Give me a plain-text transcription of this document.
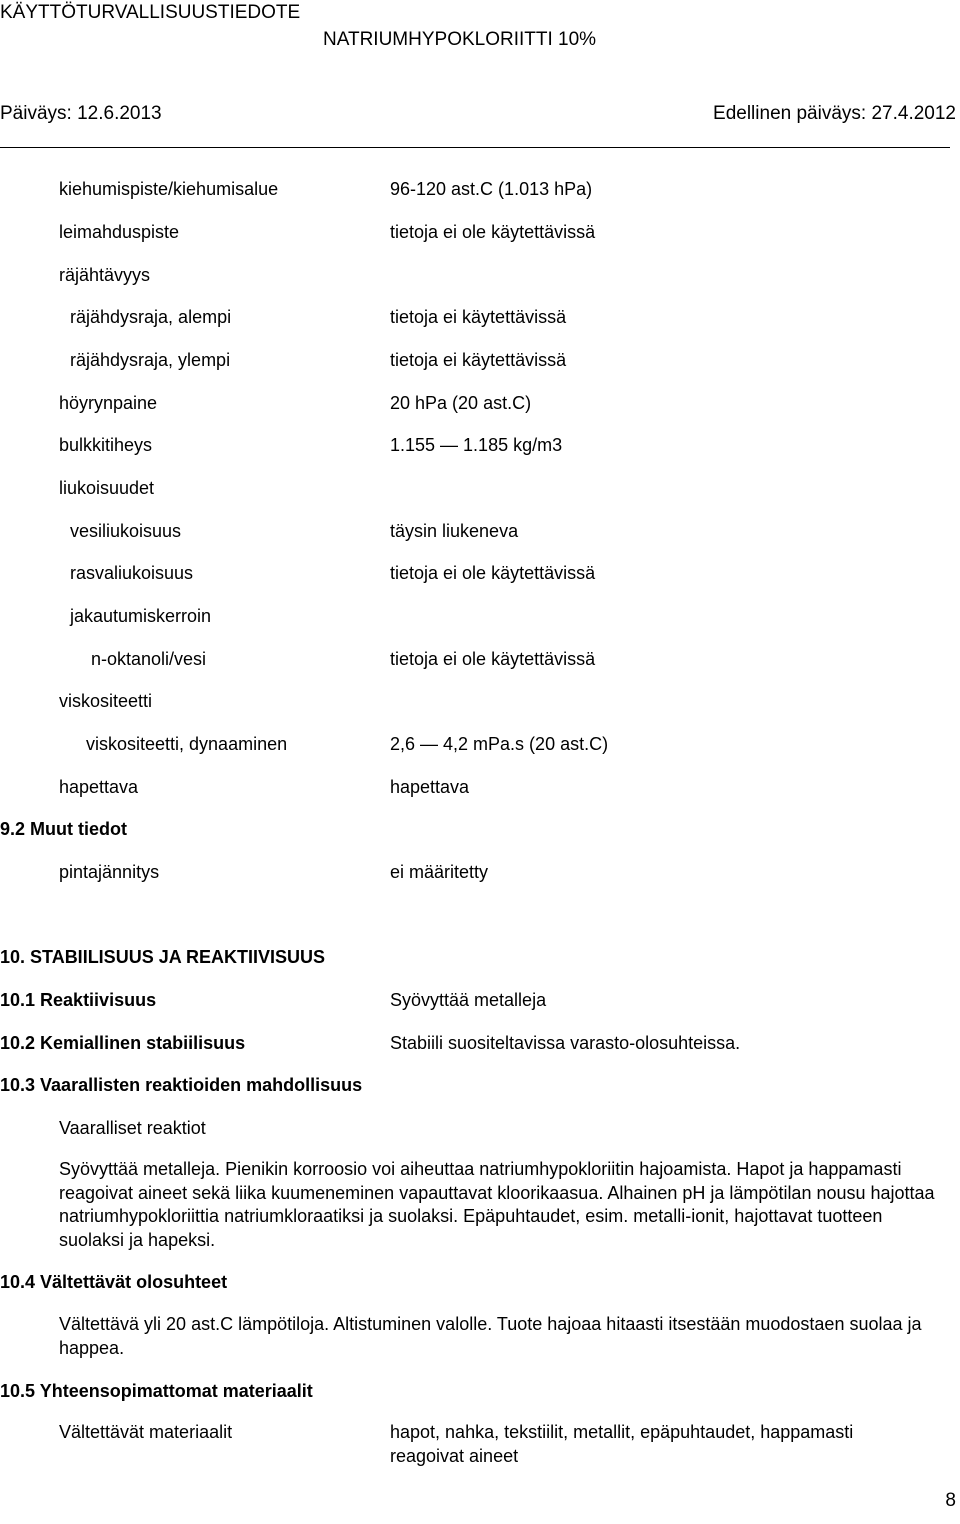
KÄYTTÖTURVALLISUUSTIEDOTE
NATRIUMHYPOKLORIITTI 10%
Päiväys: 12.6.2013	Edellinen päiväys: 27.4.2012
kiehumispiste/kiehumisalue	96-120 ast.C (1.013 hPa)
leimahduspiste	tietoja ei ole käytettävissä
räjähtävyys
räjähdysraja, alempi	tietoja ei käytettävissä
räjähdysraja, ylempi	tietoja ei käytettävissä
höyrynpaine	20 hPa (20 ast.C)
bulkkitiheys	1.155 — 1.185 kg/m3
liukoisuudet
vesiliukoisuus	täysin liukeneva
rasvaliukoisuus	tietoja ei ole käytettävissä
jakautumiskerroin
n-oktanoli/vesi	tietoja ei ole käytettävissä
viskositeetti
viskositeetti, dynaaminen	2,6 — 4,2 mPa.s (20 ast.C)
hapettava	hapettava
9.2 Muut tiedot
pintajännitys	ei määritetty
10. STABIILISUUS JA REAKTIIVISUUS
10.1 Reaktiivisuus	Syövyttää metalleja
10.2 Kemiallinen stabiilisuus	Stabiili suositeltavissa varasto-olosuhteissa.
10.3 Vaarallisten reaktioiden mahdollisuus
Vaaralliset reaktiot
Syövyttää metalleja. Pienikin korroosio voi aiheuttaa natriumhypokloriitin hajoamista. Hapot ja happamasti reagoivat aineet sekä liika kuumeneminen vapauttavat kloorikaasua. Alhainen pH ja lämpötilan nousu hajottaa natriumhypokloriittia natriumkloraatiksi ja suolaksi. Epäpuhtaudet, esim. metalli-ionit, hajottavat tuotteen suolaksi ja hapeksi.
10.4 Vältettävät olosuhteet
Vältettävä yli 20 ast.C lämpötiloja. Altistuminen valolle. Tuote hajoaa hitaasti itsestään muodostaen suolaa ja happea.
10.5 Yhteensopimattomat materiaalit
Vältettävät materiaalit	hapot, nahka, tekstiilit, metallit, epäpuhtaudet, happamasti reagoivat aineet
8
